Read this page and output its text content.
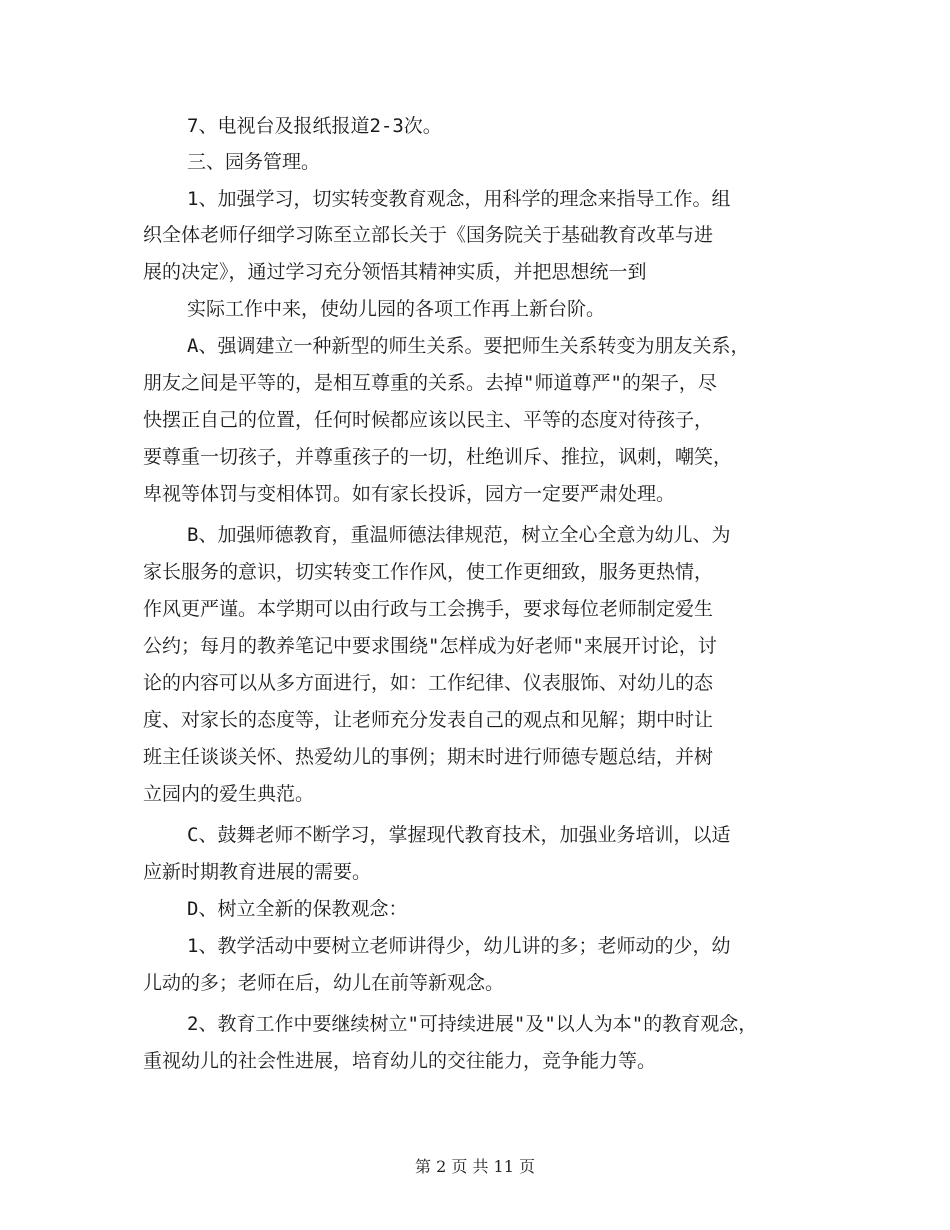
7、电视台及报纸报道2-3次。
三、园务管理。
1、加强学习，切实转变教育观念，用科学的理念来指导工作。组
织全体老师仔细学习陈至立部长关于《国务院关于基础教育改革与进
展的决定》，通过学习充分领悟其精神实质，并把思想统一到
实际工作中来，使幼儿园的各项工作再上新台阶。
A、强调建立一种新型的师生关系。要把师生关系转变为朋友关系，
朋友之间是平等的，是相互尊重的关系。去掉"师道尊严"的架子，尽
快摆正自己的位置，任何时候都应该以民主、平等的态度对待孩子，
要尊重一切孩子，并尊重孩子的一切，杜绝训斥、推拉，讽刺，嘲笑，
卑视等体罚与变相体罚。如有家长投诉，园方一定要严肃处理。
B、加强师德教育，重温师德法律规范，树立全心全意为幼儿、为
家长服务的意识，切实转变工作作风，使工作更细致，服务更热情，
作风更严谨。本学期可以由行政与工会携手，要求每位老师制定爱生
公约；每月的教养笔记中要求围绕"怎样成为好老师"来展开讨论，讨
论的内容可以从多方面进行，如：工作纪律、仪表服饰、对幼儿的态
度、对家长的态度等，让老师充分发表自己的观点和见解；期中时让
班主任谈谈关怀、热爱幼儿的事例；期末时进行师德专题总结，并树
立园内的爱生典范。
C、鼓舞老师不断学习，掌握现代教育技术，加强业务培训，以适
应新时期教育进展的需要。
D、树立全新的保教观念：
1、教学活动中要树立老师讲得少，幼儿讲的多；老师动的少，幼
儿动的多；老师在后，幼儿在前等新观念。
2、教育工作中要继续树立"可持续进展"及"以人为本"的教育观念，
重视幼儿的社会性进展，培育幼儿的交往能力，竞争能力等。
第 2 页 共 11 页
